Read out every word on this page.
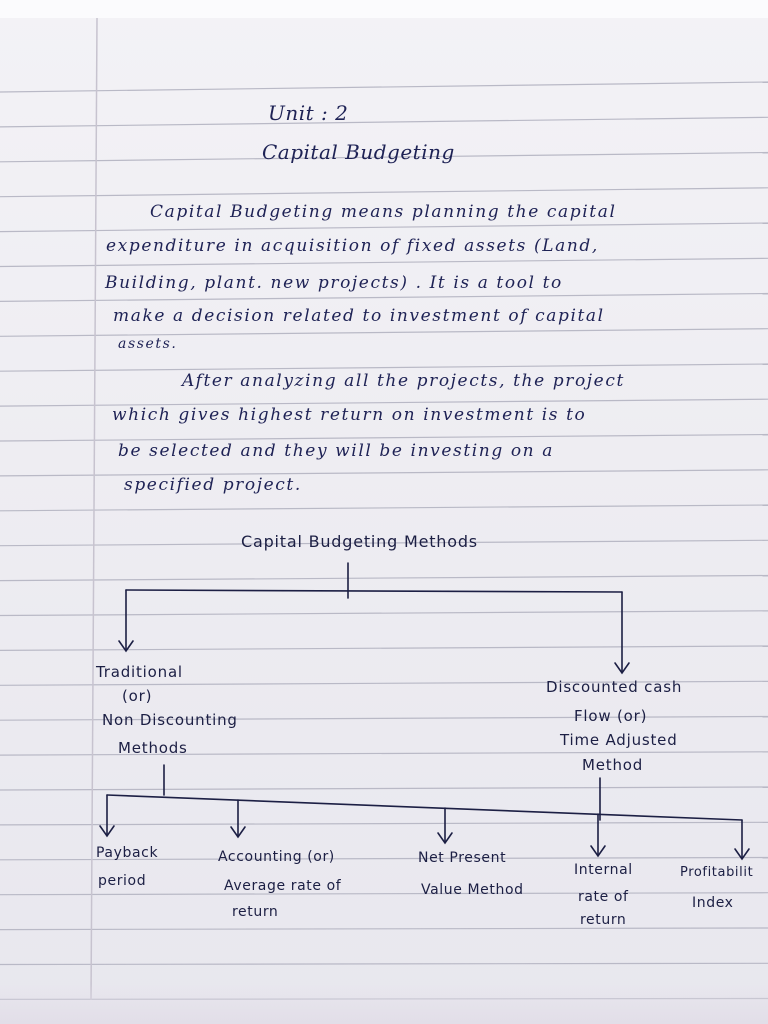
Unit : 2
Capital Budgeting
Capital Budgeting means planning the capital
expenditure in acquisition of fixed assets (Land,
Building, plant. new projects) . It is a tool to
make a decision related to investment of capital
assets.
After analyzing all the projects, the project
which gives highest return on investment is to
be selected and they will be investing on a
specified project.
Capital Budgeting Methods
Traditional
(or)
Non Discounting
Methods
Discounted cash
Flow (or)
Time Adjusted
Method
Payback
period
Accounting (or)
Average rate of
return
Net Present
Value Method
Internal
rate of
return
Profitabilit
Index
